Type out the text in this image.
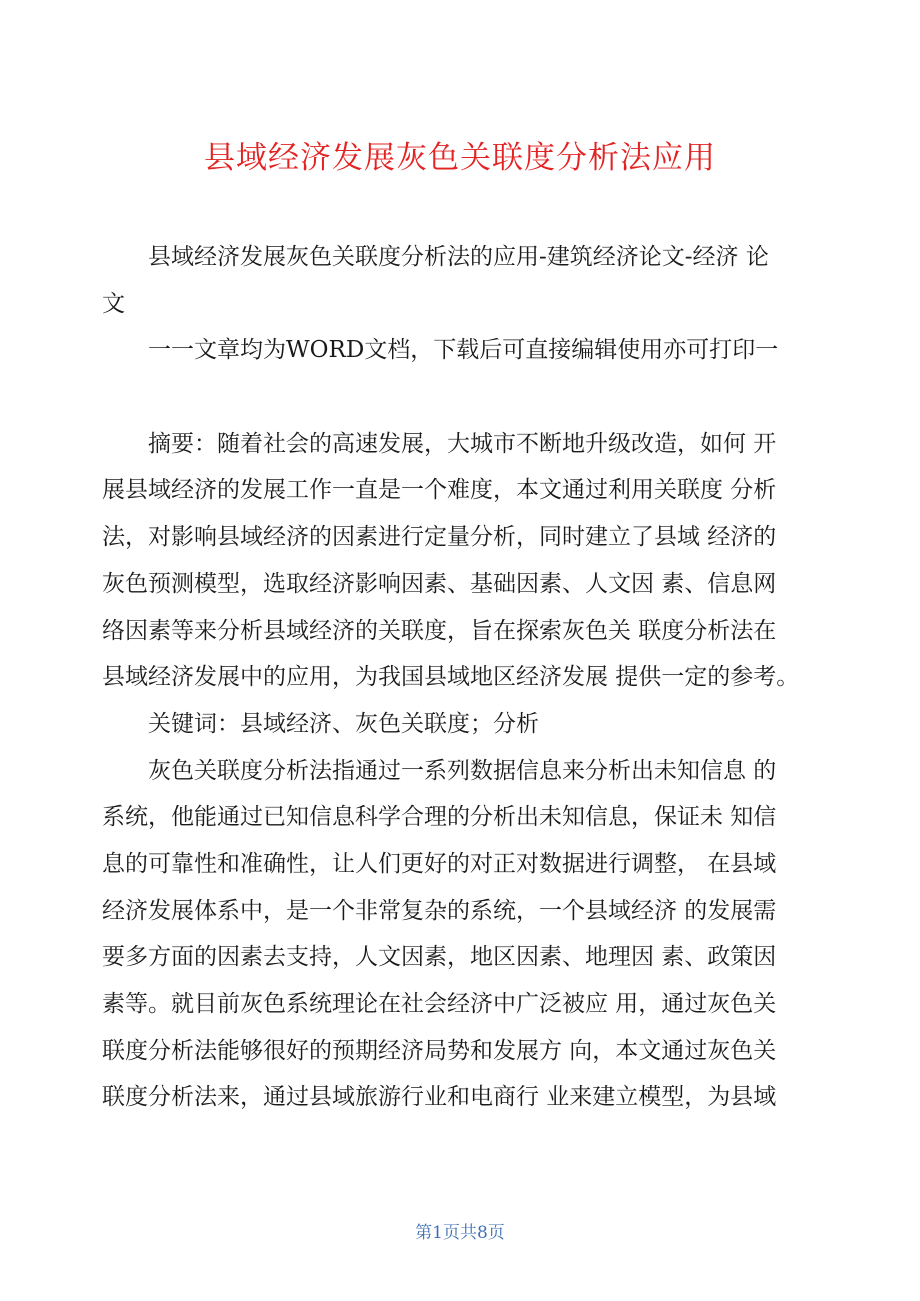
县域经济发展灰色关联度分析法应用

　　县域经济发展灰色关联度分析法的应用-建筑经济论文-经济 论

文

　　一一文章均为WORD文档，下载后可直接编辑使用亦可打印一

　　摘要：随着社会的高速发展，大城市不断地升级改造，如何 开

展县域经济的发展工作一直是一个难度，本文通过利用关联度 分析

法，对影响县域经济的因素进行定量分析，同时建立了县域 经济的

灰色预测模型，选取经济影响因素、基础因素、人文因 素、信息网

络因素等来分析县域经济的关联度，旨在探索灰色关 联度分析法在

县域经济发展中的应用，为我国县域地区经济发展 提供一定的参考。

　　关键词：县域经济、灰色关联度；分析

　　灰色关联度分析法指通过一系列数据信息来分析出未知信息 的

系统，他能通过已知信息科学合理的分析出未知信息，保证未 知信

息的可靠性和准确性，让人们更好的对正对数据进行调整， 在县域

经济发展体系中，是一个非常复杂的系统，一个县域经济 的发展需

要多方面的因素去支持，人文因素，地区因素、地理因 素、政策因

素等。就目前灰色系统理论在社会经济中广泛被应 用，通过灰色关

联度分析法能够很好的预期经济局势和发展方 向，本文通过灰色关

联度分析法来，通过县域旅游行业和电商行 业来建立模型，为县域

第1页共8页
